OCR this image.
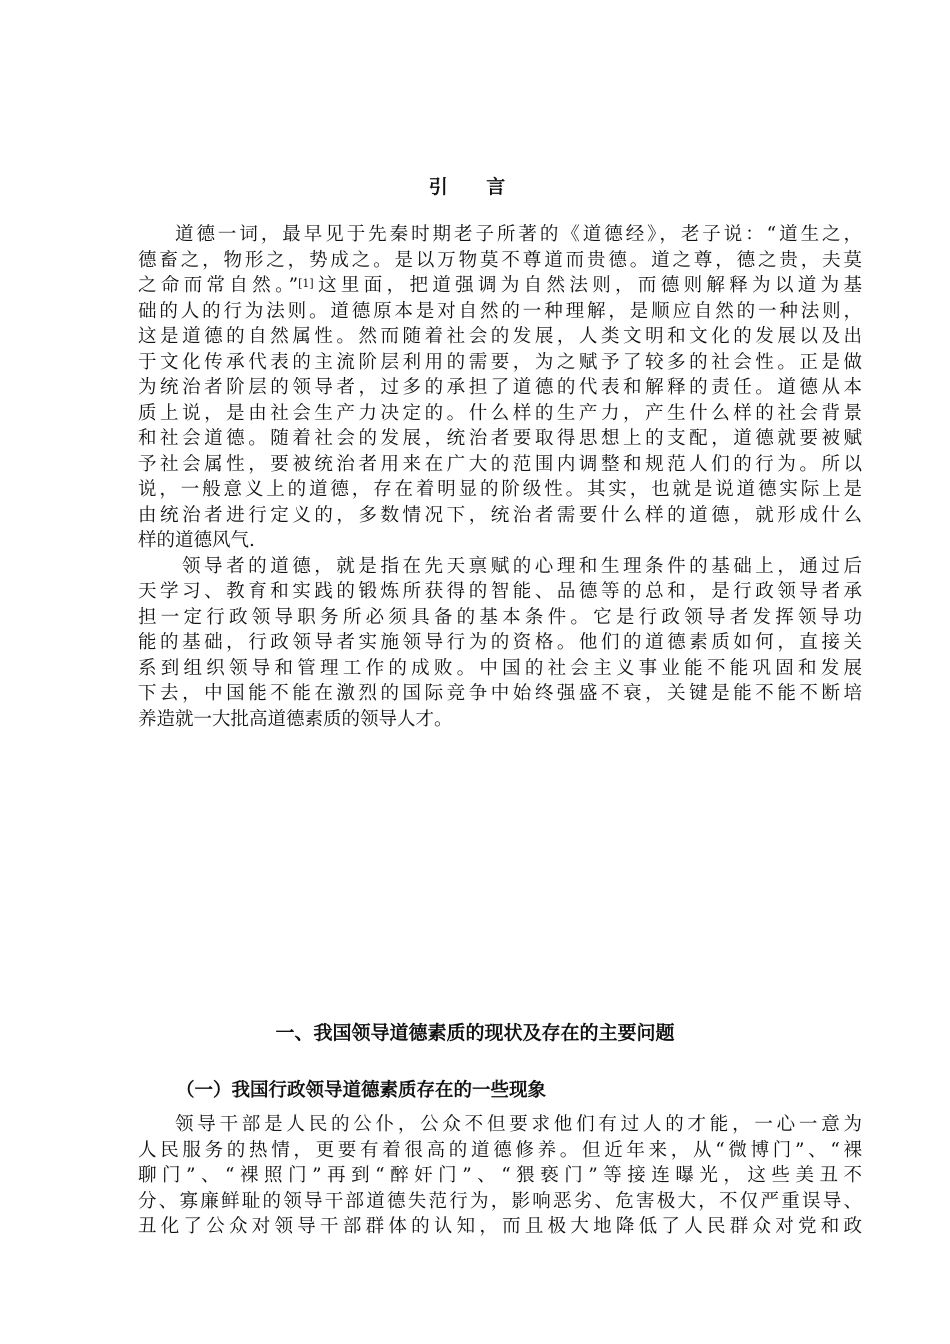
引 言
道德一词，最早见于先秦时期老子所著的《道德经》，老子说：“道生之，
德畜之，物形之，势成之。是以万物莫不尊道而贵德。道之尊，德之贵，夫莫
之命而常自然。”[1]这里面，把道强调为自然法则，而德则解释为以道为基
础的人的行为法则。道德原本是对自然的一种理解，是顺应自然的一种法则，
这是道德的自然属性。然而随着社会的发展，人类文明和文化的发展以及出
于文化传承代表的主流阶层利用的需要，为之赋予了较多的社会性。正是做
为统治者阶层的领导者，过多的承担了道德的代表和解释的责任。道德从本
质上说，是由社会生产力决定的。什么样的生产力，产生什么样的社会背景
和社会道德。随着社会的发展，统治者要取得思想上的支配，道德就要被赋
予社会属性，要被统治者用来在广大的范围内调整和规范人们的行为。所以
说，一般意义上的道德，存在着明显的阶级性。其实，也就是说道德实际上是
由统治者进行定义的，多数情况下，统治者需要什么样的道德，就形成什么
样的道德风气.
领导者的道德，就是指在先天禀赋的心理和生理条件的基础上，通过后
天学习、教育和实践的锻炼所获得的智能、品德等的总和，是行政领导者承
担一定行政领导职务所必须具备的基本条件。它是行政领导者发挥领导功
能的基础，行政领导者实施领导行为的资格。他们的道德素质如何，直接关
系到组织领导和管理工作的成败。中国的社会主义事业能不能巩固和发展
下去，中国能不能在激烈的国际竞争中始终强盛不衰，关键是能不能不断培
养造就一大批高道德素质的领导人才。
一、我国领导道德素质的现状及存在的主要问题
（一）我国行政领导道德素质存在的一些现象
领导干部是人民的公仆，公众不但要求他们有过人的才能，一心一意为
人民服务的热情，更要有着很高的道德修养。但近年来，从“微博门”、“裸
聊门”、“裸照门”再到“醉奸门”、“猥亵门”等接连曝光，这些美丑不
分、寡廉鲜耻的领导干部道德失范行为，影响恶劣、危害极大，不仅严重误导、
丑化了公众对领导干部群体的认知，而且极大地降低了人民群众对党和政
